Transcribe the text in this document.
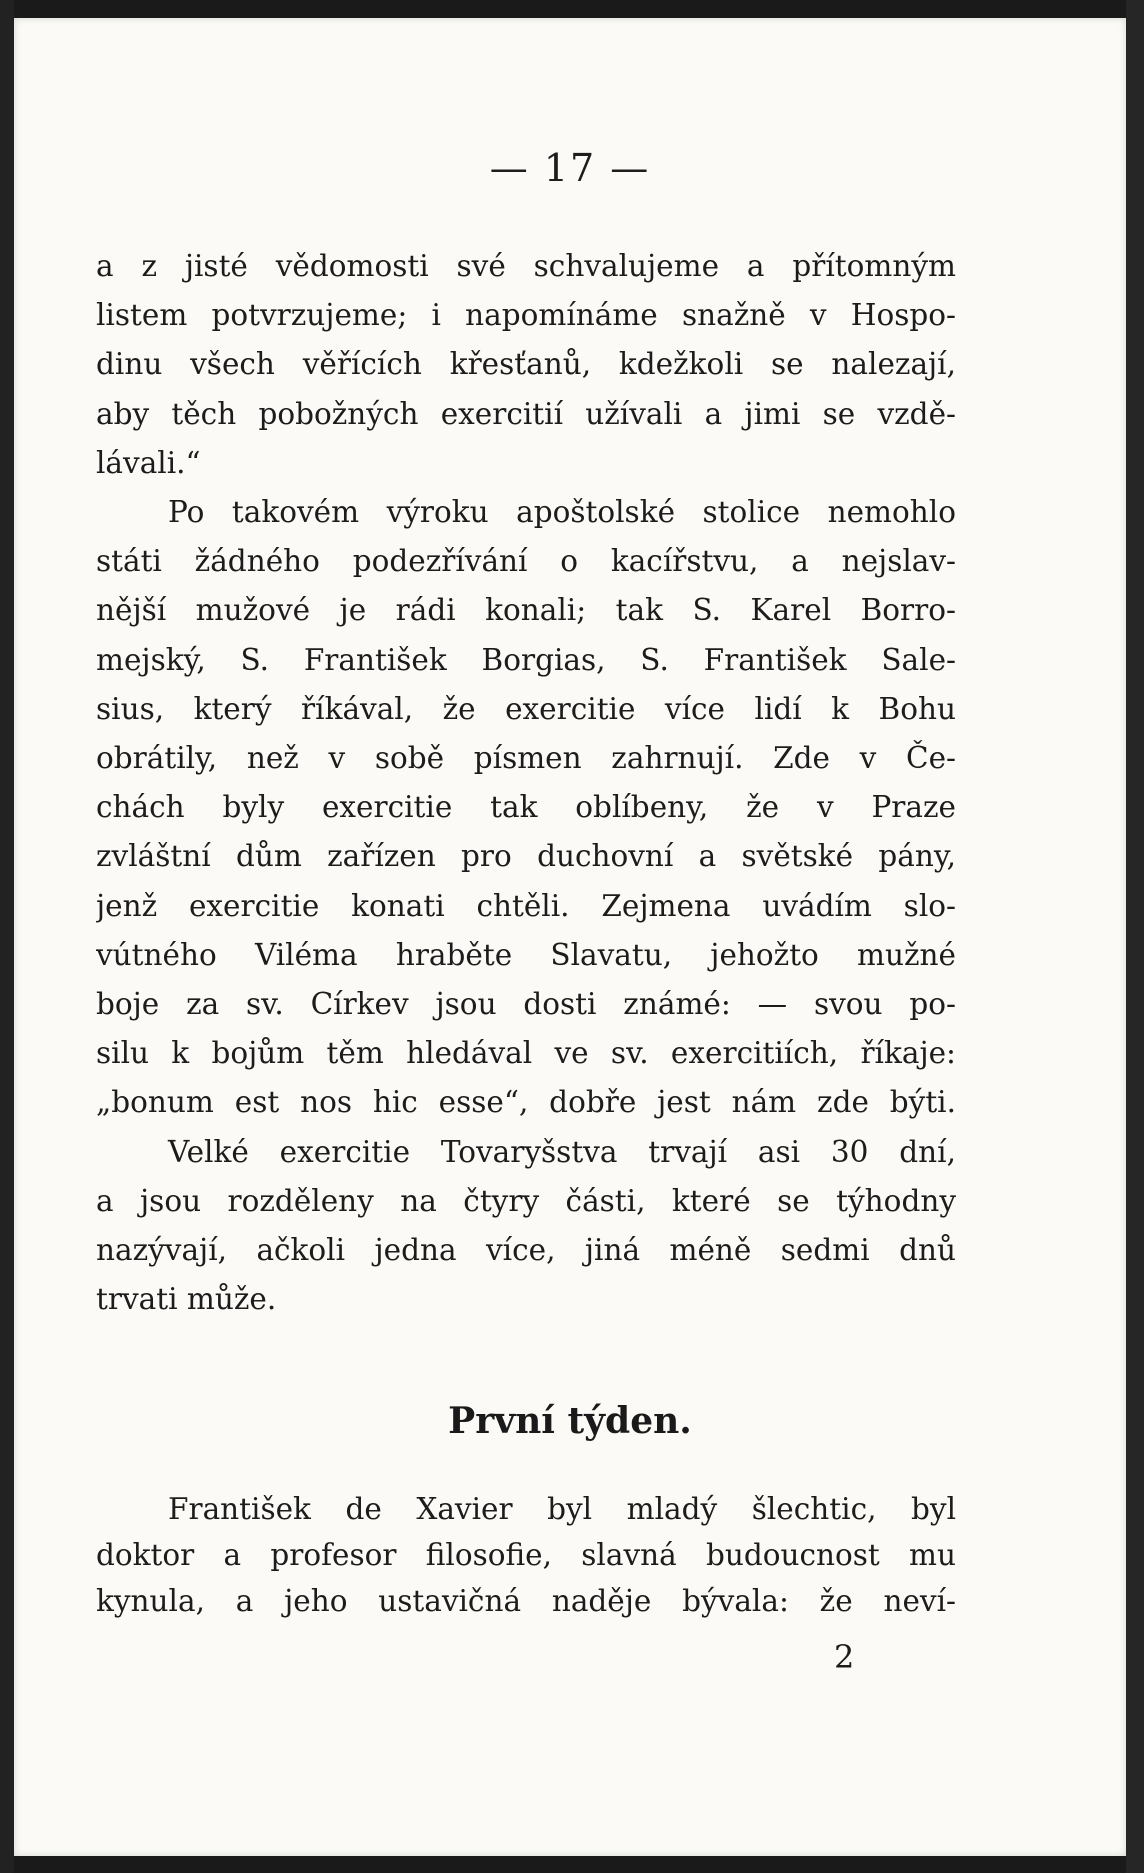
— 17 —
a z jisté vědomosti své schvalujeme a přítomným
listem potvrzujeme; i napomínáme snažně v Hospo-
dinu všech věřících křesťanů, kdežkoli se nalezají,
aby těch pobožných exercitií užívali a jimi se vzdě-
lávali.“
Po takovém výroku apoštolské stolice nemohlo
státi žádného podezřívání o kacířstvu, a nejslav-
nější mužové je rádi konali; tak S. Karel Borro-
mejský, S. František Borgias, S. František Sale-
sius, který říkával, že exercitie více lidí k Bohu
obrátily, než v sobě písmen zahrnují. Zde v Če-
chách byly exercitie tak oblíbeny, že v Praze
zvláštní dům zařízen pro duchovní a světské pány,
jenž exercitie konati chtěli. Zejmena uvádím slo-
vútného Viléma hraběte Slavatu, jehožto mužné
boje za sv. Církev jsou dosti známé: — svou po-
silu k bojům těm hledával ve sv. exercitiích, říkaje:
„bonum est nos hic esse“, dobře jest nám zde býti.
Velké exercitie Tovaryšstva trvají asi 30 dní,
a jsou rozděleny na čtyry části, které se týhodny
nazývají, ačkoli jedna více, jiná méně sedmi dnů
trvati může.
První týden.
František de Xavier byl mladý šlechtic, byl
doktor a profesor filosofie, slavná budoucnost mu
kynula, a jeho ustavičná naděje bývala: že neví-
2
